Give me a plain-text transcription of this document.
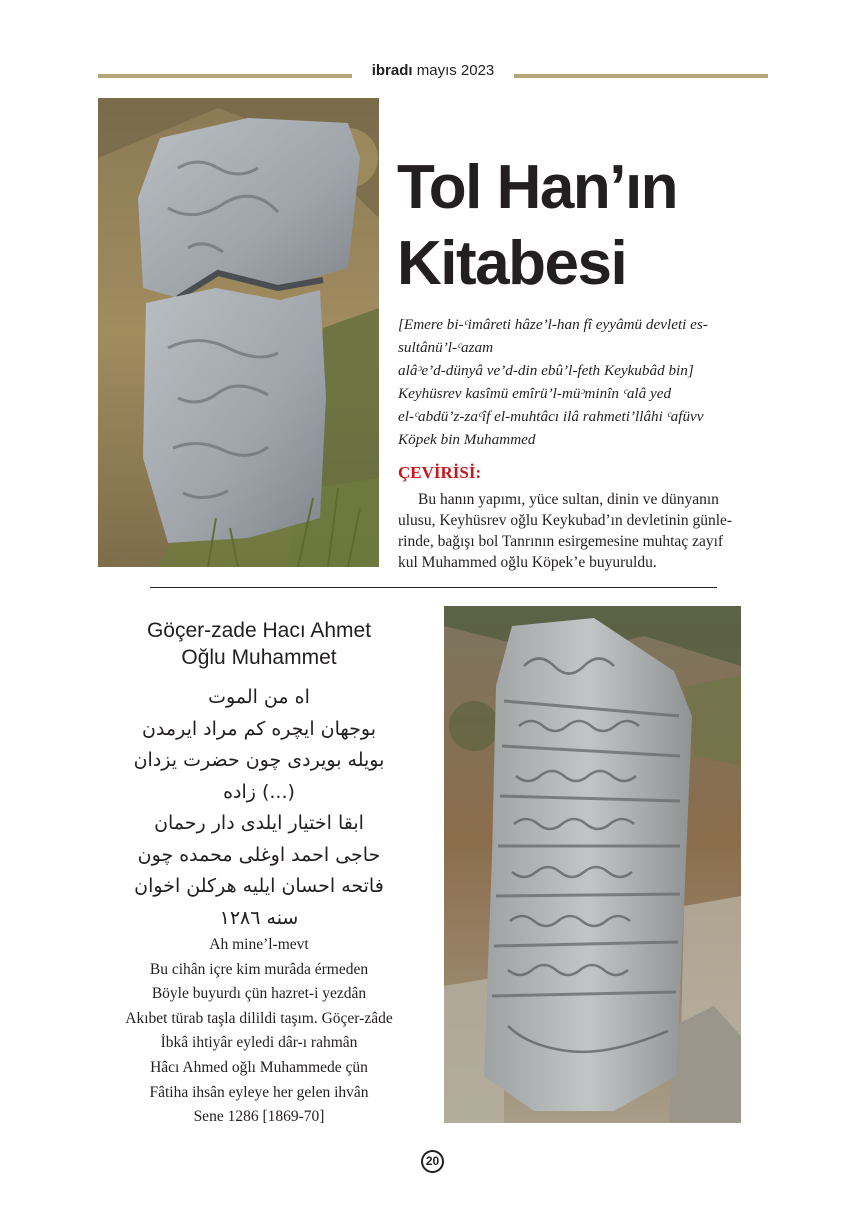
ibradı mayıs 2023
Tol Han’ın
Kitabesi
[Emere bi-ᶜimâreti hâze’l-han fî eyyâmü devleti es-
sultânü’l-ᶜazam
alâᵓe’d-dünyâ ve’d-din ebû’l-feth Keykubâd bin]
Keyhüsrev kasîmü emîrü’l-müᵓminîn ᶜalâ yed
el-ᶜabdü’z-zaᶜîf el-muhtâcı ilâ rahmeti’llâhi ᶜafüvv
Köpek bin Muhammed
ÇEVİRİSİ:
Bu hanın yapımı, yüce sultan, dinin ve dünyanın
ulusu, Keyhüsrev oğlu Keykubad’ın devletinin günle-
rinde, bağışı bol Tanrının esirgemesine muhtaç zayıf
kul Muhammed oğlu Köpek’e buyuruldu.
Göçer-zade Hacı Ahmet
Oğlu Muhammet
اه من الموت
بوجهان ايچره كم مراد ايرمدن
بويله بويردى چون حضرت يزدان
(...) زاده
ابقا اختيار ايلدى دار رحمان
حاجى احمد اوغلى محمده چون
فاتحه احسان ايليه هركلن اخوان
سنه ١٢٨٦
Ah mine’l-mevt
Bu cihân içre kim murâda érmeden
Böyle buyurdı çün hazret-i yezdân
Akıbet türab taşla dilildi taşım. Göçer-zâde
İbkâ ihtiyâr eyledi dâr-ı rahmân
Hâcı Ahmed oğlı Muhammede çün
Fâtiha ihsân eyleye her gelen ihvân
Sene 1286 [1869-70]
20
